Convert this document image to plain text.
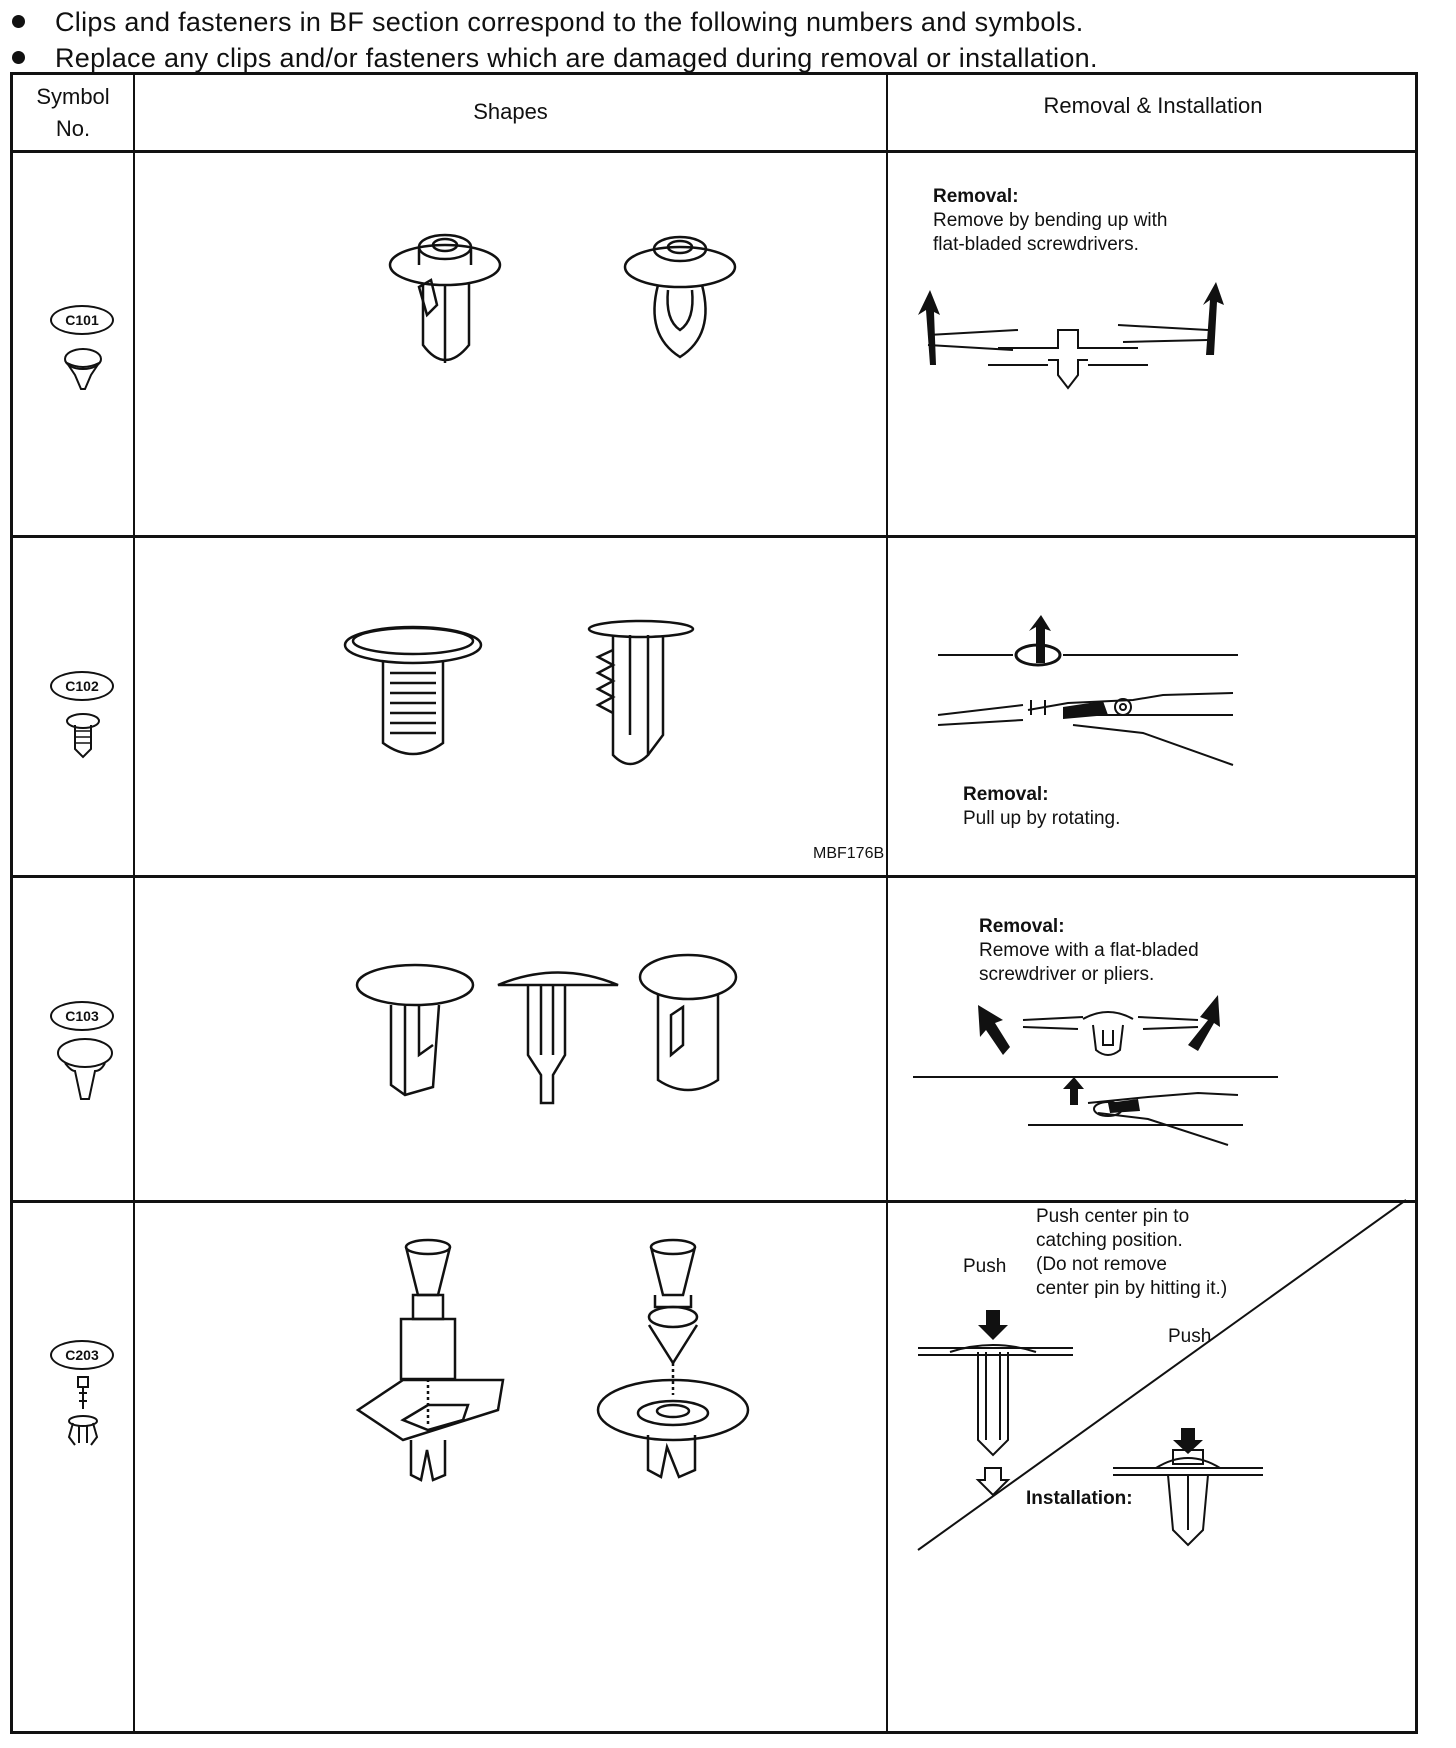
Clips and fasteners in BF section correspond to the following numbers and symbols.
Replace any clips and/or fasteners which are damaged during removal or installation.
Symbol
No.
Shapes	Removal & Installation
C101
Removal:
Remove by bending up with
flat-bladed screwdrivers.
C102
MBF176B
Removal:
Pull up by rotating.
C103
Removal:
Remove with a flat-bladed
screwdriver or pliers.
C203
Push center pin to
catching position.
(Do not remove
center pin by hitting it.)
Push
Push
Installation:
